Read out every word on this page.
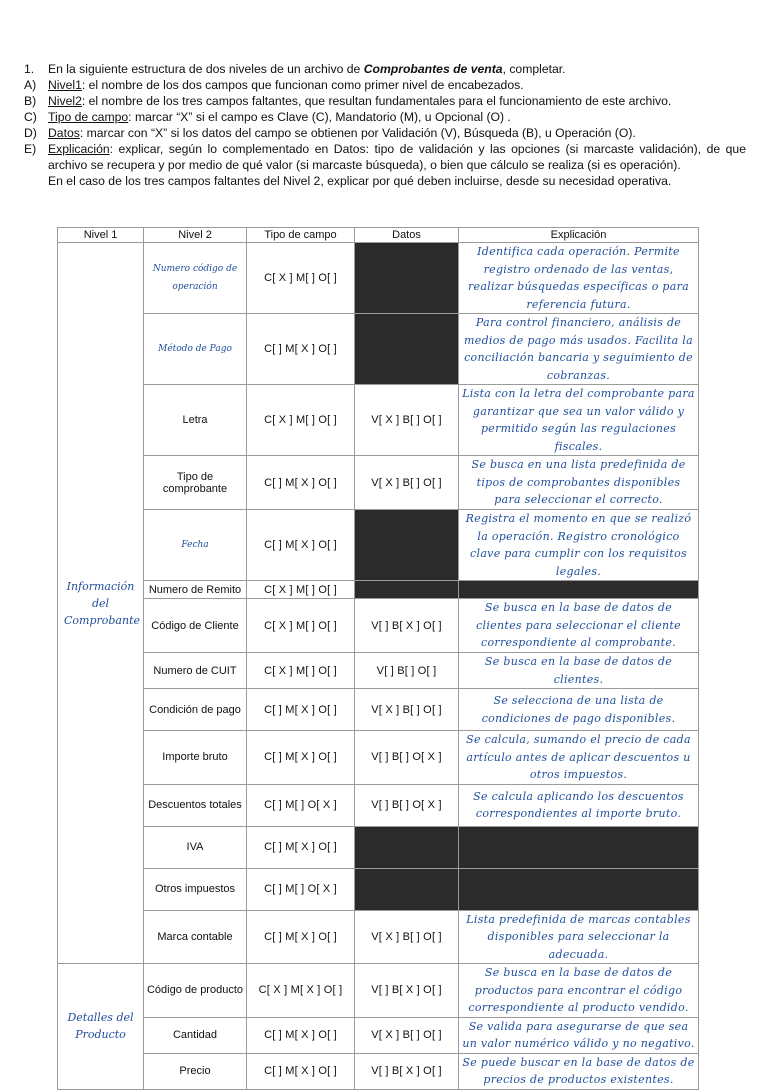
1.	En la siguiente estructura de dos niveles de un archivo de Comprobantes de venta, completar.
A) Nivel1: el nombre de los dos campos que funcionan como primer nivel de encabezados.
B) Nivel2: el nombre de los tres campos faltantes, que resultan fundamentales para el funcionamiento de este archivo.
C) Tipo de campo: marcar “X” si el campo es Clave (C), Mandatorio (M), u Opcional (O) .
D) Datos: marcar con “X” si los datos del campo se obtienen por Validación (V), Búsqueda (B), u Operación (O).
E) Explicación: explicar, según lo complementado en Datos: tipo de validación y las opciones (si marcaste validación), de que archivo se recupera y por medio de qué valor (si marcaste búsqueda), o bien que cálculo se realiza (si es operación).
En el caso de los tres campos faltantes del Nivel 2, explicar por qué deben incluirse, desde su necesidad operativa.
Nivel 1	Nivel 2	Tipo de campo	Datos	Explicación

Información del Comprobante	Numero código de operación	C[ X ] M[ ] O[ ]		Identifica cada operación. Permite registro ordenado de las ventas, realizar búsquedas específicas o para referencia futura.
	Método de Pago	C[ ] M[ X ] O[ ]		Para control financiero, análisis de medios de pago más usados. Facilita la conciliación bancaria y seguimiento de cobranzas.
	Letra	C[ X ] M[ ] O[ ]	V[ X ] B[ ] O[ ]	Lista con la letra del comprobante para garantizar que sea un valor válido y permitido según las regulaciones fiscales.
	Tipo de comprobante	C[ ] M[ X ] O[ ]	V[ X ] B[ ] O[ ]	Se busca en una lista predefinida de tipos de comprobantes disponibles para seleccionar el correcto.
	Fecha	C[ ] M[ X ] O[ ]		Registra el momento en que se realizó la operación. Registro cronológico clave para cumplir con los requisitos legales.
	Numero de Remito	C[ X ] M[ ] O[ ]		
	Código de Cliente	C[ X ] M[ ] O[ ]	V[ ] B[ X ] O[ ]	Se busca en la base de datos de clientes para seleccionar el cliente correspondiente al comprobante.
	Numero de CUIT	C[ X ] M[ ] O[ ]	V[ ] B[ ] O[ ]	Se busca en la base de datos de clientes.
	Condición de pago	C[ ] M[ X ] O[ ]	V[ X ] B[ ] O[ ]	Se selecciona de una lista de condiciones de pago disponibles.
	Importe bruto	C[ ] M[ X ] O[ ]	V[ ] B[ ] O[ X ]	Se calcula, sumando el precio de cada artículo antes de aplicar descuentos u otros impuestos.
	Descuentos totales	C[ ] M[ ] O[ X ]	V[ ] B[ ] O[ X ]	Se calcula aplicando los descuentos correspondientes al importe bruto.
	IVA	C[ ] M[ X ] O[ ]		
	Otros impuestos	C[ ] M[ ] O[ X ]		
	Marca contable	C[ ] M[ X ] O[ ]	V[ X ] B[ ] O[ ]	Lista predefinida de marcas contables disponibles para seleccionar la adecuada.

Detalles del Producto	Código de producto	C[ X ] M[ X ] O[ ]	V[ ] B[ X ] O[ ]	Se busca en la base de datos de productos para encontrar el código correspondiente al producto vendido.
	Cantidad	C[ ] M[ X ] O[ ]	V[ X ] B[ ] O[ ]	Se valida para asegurarse de que sea un valor numérico válido y no negativo.
	Precio	C[ ] M[ X ] O[ ]	V[ ] B[ X ] O[ ]	Se puede buscar en la base de datos de precios de productos existentes.
